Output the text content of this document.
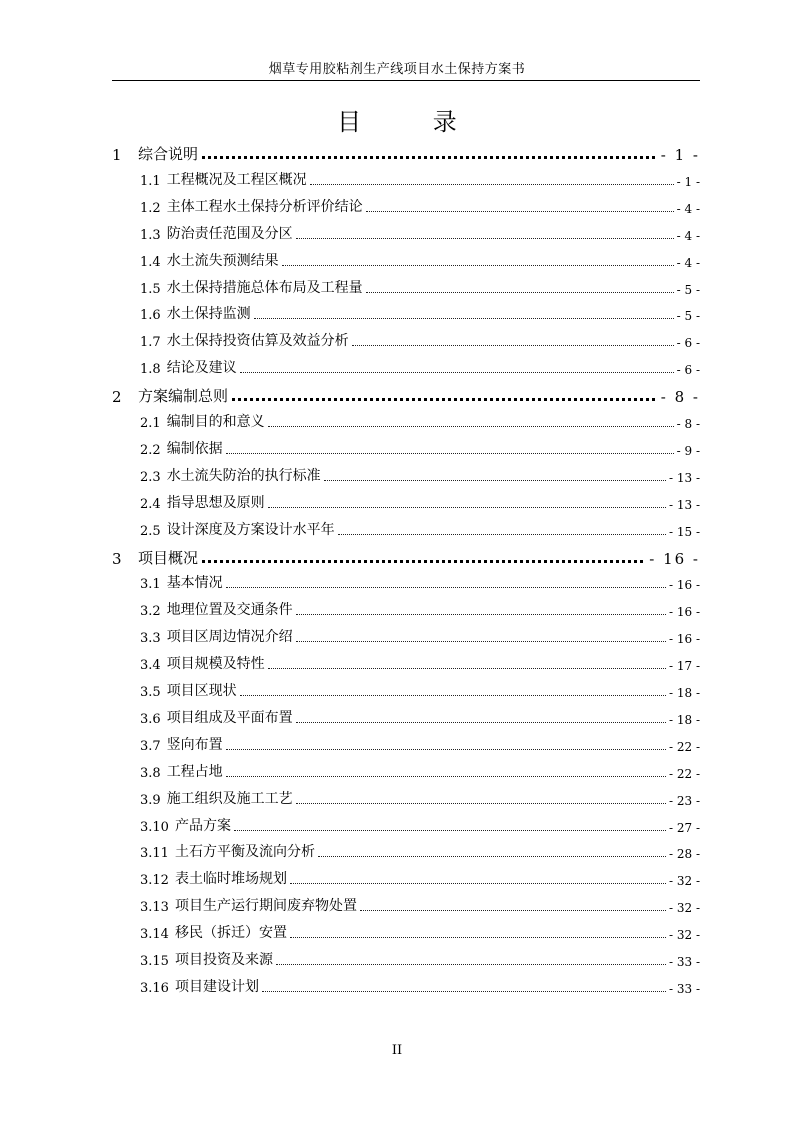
烟草专用胶粘剂生产线项目水土保持方案书
目 录
1	综合说明	- 1 -
1.1 工程概况及工程区概况	- 1 -
1.2 主体工程水土保持分析评价结论	- 4 -
1.3 防治责任范围及分区	- 4 -
1.4 水土流失预测结果	- 4 -
1.5 水土保持措施总体布局及工程量	- 5 -
1.6 水土保持监测	- 5 -
1.7 水土保持投资估算及效益分析	- 6 -
1.8 结论及建议	- 6 -
2	方案编制总则	- 8 -
2.1 编制目的和意义	- 8 -
2.2 编制依据	- 9 -
2.3 水土流失防治的执行标准	- 13 -
2.4 指导思想及原则	- 13 -
2.5 设计深度及方案设计水平年	- 15 -
3	项目概况	- 16 -
3.1 基本情况	- 16 -
3.2 地理位置及交通条件	- 16 -
3.3 项目区周边情况介绍	- 16 -
3.4 项目规模及特性	- 17 -
3.5 项目区现状	- 18 -
3.6 项目组成及平面布置	- 18 -
3.7 竖向布置	- 22 -
3.8 工程占地	- 22 -
3.9 施工组织及施工工艺	- 23 -
3.10 产品方案	- 27 -
3.11 土石方平衡及流向分析	- 28 -
3.12 表土临时堆场规划	- 32 -
3.13 项目生产运行期间废弃物处置	- 32 -
3.14 移民（拆迁）安置	- 32 -
3.15 项目投资及来源	- 33 -
3.16 项目建设计划	- 33 -
II
